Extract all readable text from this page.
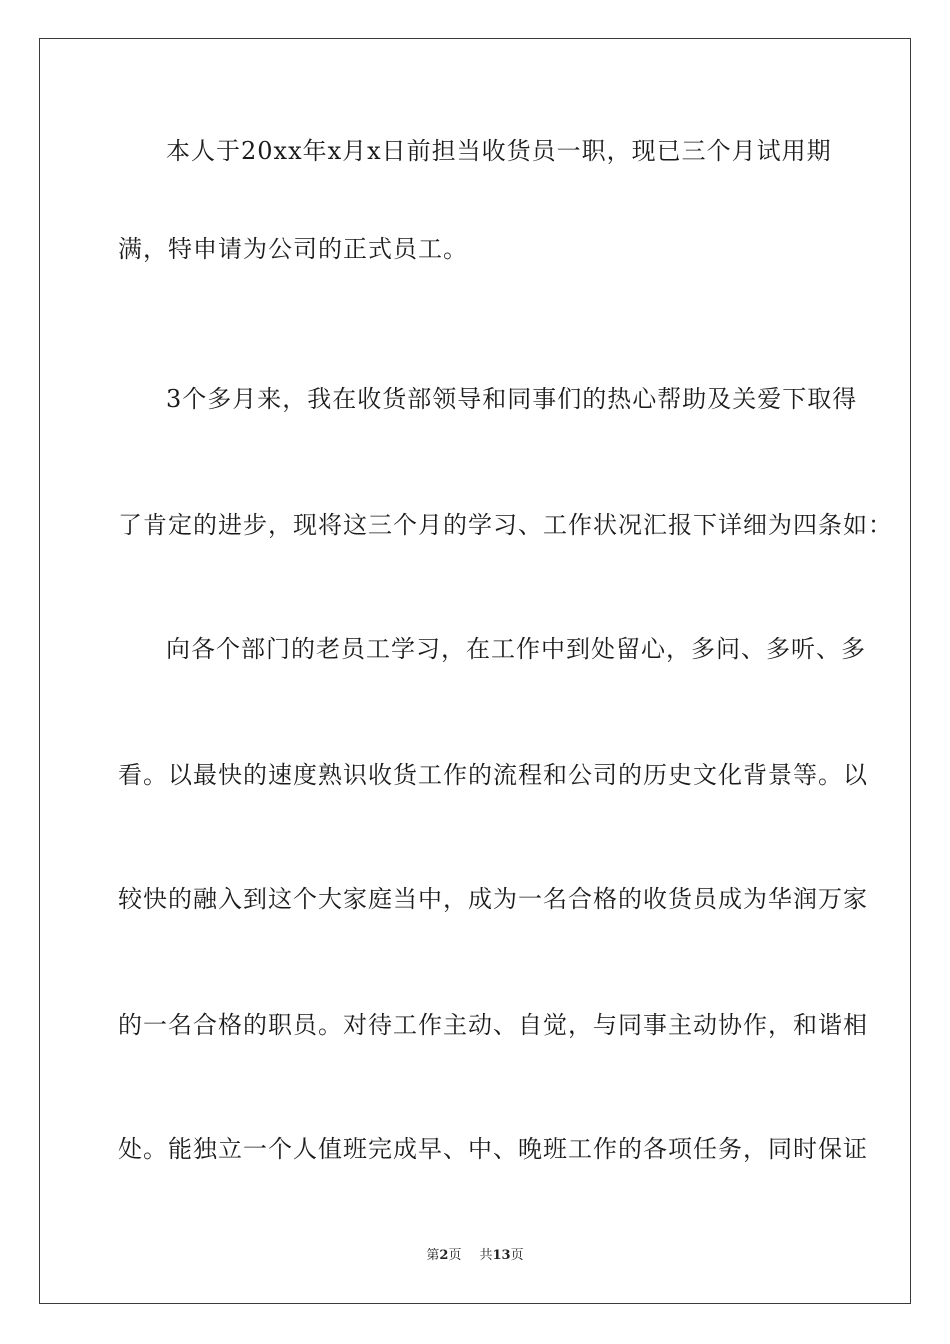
本人于20xx年x月x日前担当收货员一职，现已三个月试用期
满，特申请为公司的正式员工。
3个多月来，我在收货部领导和同事们的热心帮助及关爱下取得
了肯定的进步，现将这三个月的学习、工作状况汇报下详细为四条如：
向各个部门的老员工学习，在工作中到处留心，多问、多听、多
看。以最快的速度熟识收货工作的流程和公司的历史文化背景等。以
较快的融入到这个大家庭当中，成为一名合格的收货员成为华润万家
的一名合格的职员。对待工作主动、自觉，与同事主动协作，和谐相
处。能独立一个人值班完成早、中、晚班工作的各项任务，同时保证
第2页 共13页
